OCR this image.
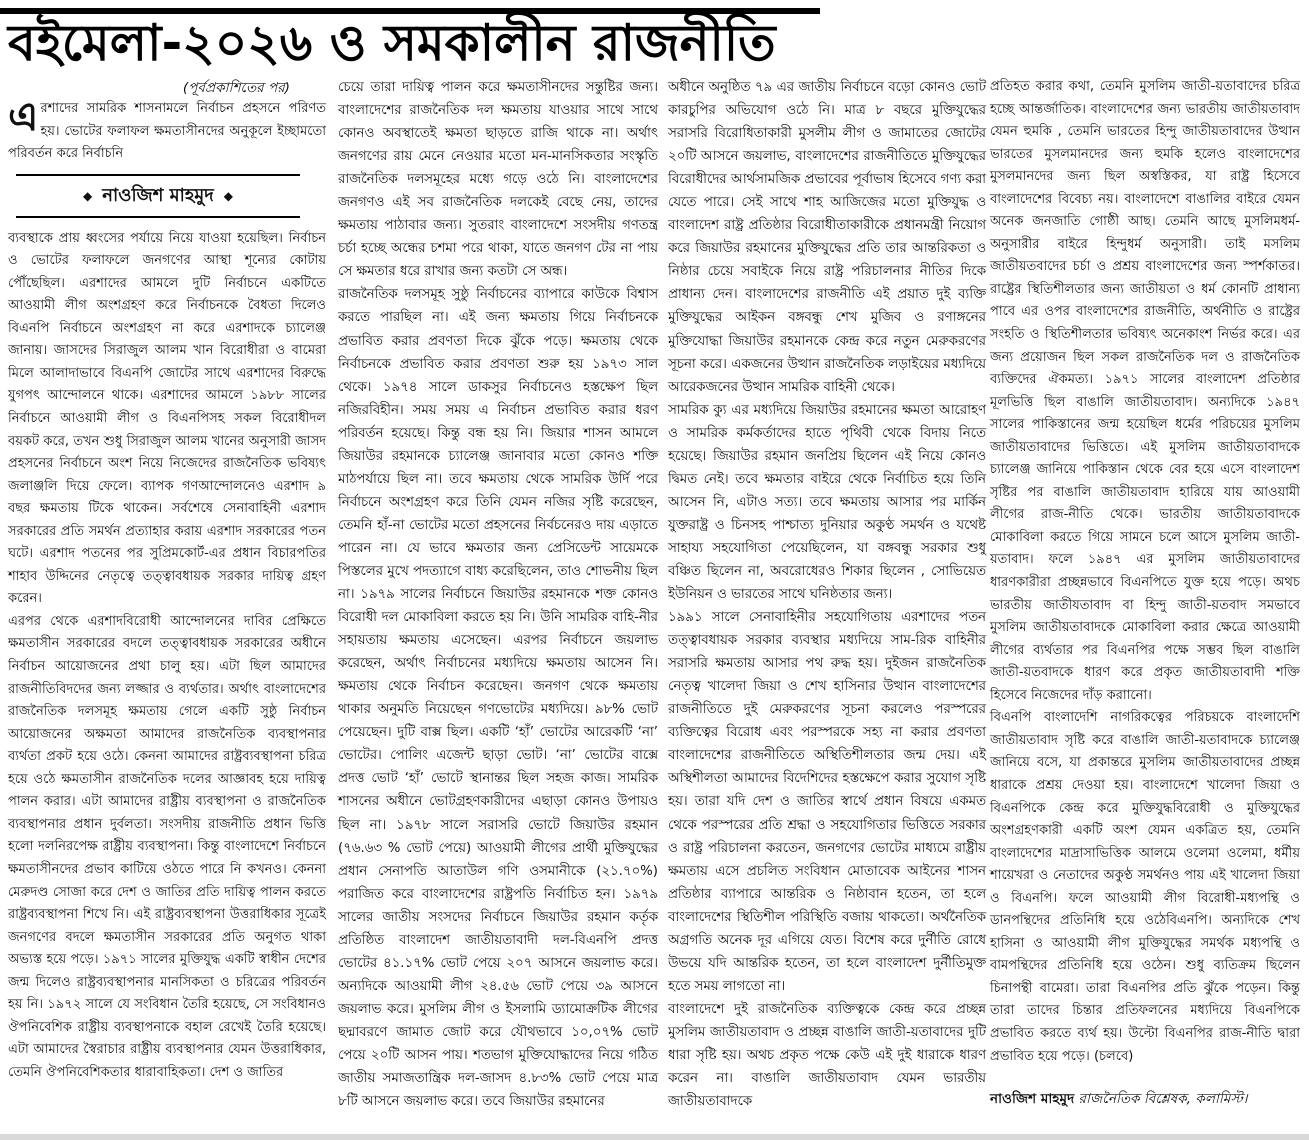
বইমেলা-২০২৬ ও সমকালীন রাজনীতি
(পূর্বপ্রকাশিতের পর)

এরশাদের সামরিক শাসনামলে নির্বাচন প্রহসনে পরিণত হয়। ভোটের ফলাফল ক্ষমতাসীনদের অনুকূলে ইচ্ছামতো পরিবর্তন করে নির্বাচনি

◆ নাওজিশ মাহমুদ ◆

ব্যবস্থাকে প্রায় ধ্বংসের পর্যায়ে নিয়ে যাওয়া হয়েছিল। নির্বাচন ও ভোটের ফলাফলে জনগণের আস্থা শূন্যের কোটায় পৌঁছেছিল। এরশাদের আমলে দুটি নির্বাচনে একটিতে আওয়ামী লীগ অংশগ্রহণ করে নির্বাচনকে বৈধতা দিলেও বিএনপি নির্বাচনে অংশগ্রহণ না করে এরশাদকে চ্যালেঞ্জ জানায়। জাসদের সিরাজুল আলম খান বিরোধীরা ও বামেরা মিলে আলাদাভাবে বিএনপি জোটের সাথে এরশাদের বিরুদ্ধে যুগপৎ আন্দোলনে থাকে। এরশাদের আমলে ১৯৮৮ সালের নির্বাচনে আওয়ামী লীগ ও বিএনপিসহ সকল বিরোধীদল বয়কট করে, তখন শুধু সিরাজুল আলম খানের অনুসারী জাসদ প্রহসনের নির্বাচনে অংশ নিয়ে নিজেদের রাজনৈতিক ভবিষ্যৎ জলাঞ্জলি দিয়ে ফেলে। ব্যাপক গণআন্দোলনেও এরশাদ ৯ বছর ক্ষমতায় টিকে থাকেন। সর্বশেষে সেনাবাহিনী এরশাদ সরকারের প্রতি সমর্থন প্রত্যাহার করায় এরশাদ সরকারের পতন ঘটে। এরশাদ পতনের পর সুপ্রিমকোর্ট-এর প্রধান বিচারপতির শাহাব উদ্দিনের নেতৃত্বে তত্ত্বাবধায়ক সরকার দায়িত্ব গ্রহণ করেন।

এরপর থেকে এরশাদবিরোধী আন্দোলনের দাবির প্রেক্ষিতে ক্ষমতাসীন সরকারের বদলে তত্ত্বাবধায়ক সরকারের অধীনে নির্বাচন আয়োজনের প্রথা চালু হয়। এটা ছিল আমাদের রাজনীতিবিদদের জন্য লজ্জার ও ব্যর্থতার। অর্থাৎ বাংলাদেশের রাজনৈতিক দলসমূহ ক্ষমতায় গেলে একটি সুষ্ঠু নির্বাচন আয়োজনের অক্ষমতা আমাদের রাজনৈতিক ব্যবস্থাপনার ব্যর্থতা প্রকট হয়ে ওঠে। কেননা আমাদের রাষ্ট্রব্যবস্থাপনা চরিত্র হয়ে ওঠে ক্ষমতাসীন রাজনৈতিক দলের আজ্ঞাবহ হয়ে দায়িত্ব পালন করার। এটা আমাদের রাষ্ট্রীয় ব্যবস্থাপনা ও রাজনৈতিক ব্যবস্থাপনার প্রধান দুর্বলতা। সংসদীয় রাজনীতি প্রধান ভিত্তি হলো দলনিরপেক্ষ রাষ্ট্রীয় ব্যবস্থাপনা। কিন্তু বাংলাদেশে নির্বাচনে ক্ষমতাসীনদের প্রভাব কাটিয়ে ওঠতে পারে নি কখনও। কেননা মেরুদণ্ড সোজা করে দেশ ও জাতির প্রতি দায়িত্ব পালন করতে রাষ্ট্রব্যবস্থাপনা শিখে নি। এই রাষ্ট্রব্যবস্থাপনা উত্তরাধিকার সূত্রেই জনগণের বদলে ক্ষমতাসীন সরকারের প্রতি অনুগত থাকা অভ্যস্ত হয়ে পড়ে। ১৯৭১ সালের মুক্তিযুদ্ধ একটি স্বাধীন দেশের জন্ম দিলেও রাষ্ট্রব্যবস্থাপনার মানসিকতা ও চরিত্রের পরিবর্তন হয় নি। ১৯৭২ সালে যে সংবিধান তৈরি হয়েছে, সে সংবিধানও ঔপনিবেশিক রাষ্ট্রীয় ব্যবস্থাপনাকে বহাল রেখেই তৈরি হয়েছে। এটা আমাদের স্বৈরাচার রাষ্ট্রীয় ব্যবস্থাপনার যেমন উত্তরাধিকার, তেমনি ঔপনিবেশিকতার ধারাবাহিকতা। দেশ ও জাতির

চেয়ে তারা দায়িত্ব পালন করে ক্ষমতাসীনদের সন্তুষ্টির জন্য। বাংলাদেশের রাজনৈতিক দল ক্ষমতায় যাওয়ার সাথে সাথে কোনও অবস্থাতেই ক্ষমতা ছাড়তে রাজি থাকে না। অর্থাৎ জনগণের রায় মেনে নেওয়ার মতো মন-মানসিকতার সংস্কৃতি রাজনৈতিক দলসমূহের মধ্যে গড়ে ওঠে নি। বাংলাদেশের জনগণও এই সব রাজনৈতিক দলকেই বেছে নেয়, তাদের ক্ষমতায় পাঠাবার জন্য। সুতরাং বাংলাদেশে সংসদীয় গণতন্ত্র চর্চা হচ্ছে অন্ধের চশমা পরে থাকা, যাতে জনগণ টের না পায় সে ক্ষমতার ধরে রাখার জন্য কতটা সে অন্ধ।

রাজনৈতিক দলসমূহ সুষ্ঠু নির্বাচনের ব্যাপারে কাউকে বিশ্বাস করতে পারছিল না। এই জন্য ক্ষমতায় গিয়ে নির্বাচনকে প্রভাবিত করার প্রবণতা দিকে ঝুঁকে পড়ে। ক্ষমতায় থেকে নির্বাচনকে প্রভাবিত করার প্রবণতা শুরু হয় ১৯৭৩ সাল থেকে। ১৯৭৪ সালে ডাকসুর নির্বাচনেও হস্তক্ষেপ ছিল নজিরবিহীন। সময় সময় এ নির্বাচন প্রভাবিত করার ধরণ পরিবর্তন হয়েছে। কিন্তু বন্ধ হয় নি। জিয়ার শাসন আমলে জিয়াউর রহমানকে চ্যালেঞ্জ জানাবার মতো কোনও শক্তি মাঠপর্যায়ে ছিল না। তবে ক্ষমতায় থেকে সামরিক উর্দি পরে নির্বাচনে অংশগ্রহণ করে তিনি যেমন নজির সৃষ্টি করেছেন, তেমনি হাঁ-না ভোটের মতো প্রহসনের নির্বচনেরও দায় এড়াতে পারেন না। যে ভাবে ক্ষমতার জন্য প্রেসিডেন্ট সায়েমকে পিস্তলের মুখে পদত্যাগে বাধ্য করেছিলেন, তাও শোভনীয় ছিল না। ১৯৭৯ সালের নির্বাচনে জিয়াউর রহমানকে শক্ত কোনও বিরোধী দল মোকাবিলা করতে হয় নি। উনি সামরিক বাহি-নীর সহায়তায় ক্ষমতায় এসেছেন। এরপর নির্বাচনে জয়লাভ করেছেন, অর্থাৎ নির্বাচনের মধ্যদিয়ে ক্ষমতায় আসেন নি। ক্ষমতায় থেকে নির্বাচন করেছেন। জনগণ থেকে ক্ষমতায় থাকার অনুমতি নিয়েছেন গণভোটের মধ্যদিয়ে। ৯৮% ভোট পেয়েছেন। দুটি বাক্স ছিল। একটি ‘হাঁ’ ভোটের আরেকটি ‘না’ ভোটের। পোলিং এজেন্ট ছাড়া ভোট। ‘না’ ভোটের বাক্সে প্রদত্ত ভোট ‘হাঁ’ ভোটে স্থানান্তর ছিল সহজ কাজ। সামরিক শাসনের অধীনে ভোটগ্রহণকারীদের এছাড়া কোনও উপায়ও ছিল না। ১৯৭৮ সালে সরাসরি ভোটে জিয়াউর রহমান (৭৬.৬৩ % ভোট পেয়ে) আওয়ামী লীগের প্রার্থী মুক্তিযুদ্ধের প্রধান সেনাপতি আতাউল গণি ওসমানীকে (২১.৭০%) পরাজিত করে বাংলাদেশের রাষ্ট্রপতি নির্বাচিত হন। ১৯৭৯ সালের জাতীয় সংসদের নির্বাচনে জিয়াউর রহমান কর্তৃক প্রতিষ্ঠিত বাংলাদেশ জাতীয়তাবাদী দল-বিএনপি প্রদত্ত ভোটের ৪১.১৭% ভোট পেয়ে ২০৭ আসনে জয়লাভ করে। অন্যদিকে আওয়ামী লীগ ২৪.৫৬ ভোট পেয়ে ৩৯ আসনে জয়লাভ করে। মুসলিম লীগ ও ইসলামি ড্যামোক্রটিক লীগের ছদ্মাবরণে জামাত জোট করে যৌথভাবে ১০,০৭% ভোট পেয়ে ২০টি আসন পায়। শতভাগ মুক্তিযোদ্ধাদের নিয়ে গঠিত জাতীয় সমাজতান্ত্রিক দল-জাসদ ৪.৮৩% ভোট পেয়ে মাত্র ৮টি আসনে জয়লাভ করে। তবে জিয়াউর রহমানের

অধীনে অনুষ্ঠিত ৭৯ এর জাতীয় নির্বাচনে বড়ো কোনও ভোট কারচুপির অভিযোগ ওঠে নি। মাত্র ৮ বছরে মুক্তিযুদ্ধের সরাসরি বিরোধিতাকারী মুসলীম লীগ ও জামাতের জোটের ২০টি আসনে জয়লাভ, বাংলাদেশের রাজনীতিতে মুক্তিযুদ্ধের বিরোধীদের আর্থসামজিক প্রভাবের পূর্বাভাষ হিসেবে গণ্য করা যেতে পারে। সেই সাথে শাহ আজিজের মতো মুক্তিযুদ্ধ ও বাংলাদেশ রাষ্ট্র প্রতিষ্ঠার বিরোধীতাকারীকে প্রধানমন্ত্রী নিয়োগ করে জিয়াউর রহমানের মুক্তিযুদ্ধের প্রতি তার আন্তরিকতা ও নিষ্ঠার চেয়ে সবাইকে নিয়ে রাষ্ট্র পরিচালনার নীতির দিকে প্রাধান্য দেন। বাংলাদেশের রাজনীতি এই প্রয়াত দুই ব্যক্তি মুক্তিযুদ্ধের আইকন বঙ্গবন্ধু শেখ মুজিব ও রণাঙ্গনের মুক্তিযোদ্ধা জিয়াউর রহমানকে কেন্দ্র করে নতুন মেরুকরণের সূচনা করে। একজনের উত্থান রাজনৈতিক লড়াইয়ের মধ্যদিয়ে আরেকজনের উত্থান সামরিক বাহিনী থেকে।

সামরিক ক্যু এর মধ্যদিয়ে জিয়াউর রহমানের ক্ষমতা আরোহণ ও সামরিক কর্মকর্তাদের হাতে পৃথিবী থেকে বিদায় নিতে হয়েছে। জিয়াউর রহমান জনপ্রিয় ছিলেন এই নিয়ে কোনও দ্বিমত নেই। তবে ক্ষমতার বাইরে থেকে নির্বাচিত হয়ে তিনি আসেন নি, এটাও সত্য। তবে ক্ষমতায় আসার পর মার্কিন যুক্তরাষ্ট্র ও চিনসহ পাশ্চাত্য দুনিয়ার অকুণ্ঠ সমর্থন ও যথেষ্ট সাহায্য সহযোগিতা পেয়েছিলেন, যা বঙ্গবন্ধু সরকার শুধু বঞ্চিত ছিলেন না, অবরোধেরও শিকার ছিলেন , সোভিয়েত ইউনিয়ন ও ভারতের সাথে ঘনিষ্ঠতার জন্য।

১৯৯১ সালে সেনাবাহিনীর সহযোগিতায় এরশাদের পতন তত্ত্বাবধায়ক সরকার ব্যবস্থার মধ্যদিয়ে সাম-রিক বাহিনীর সরাসরি ক্ষমতায় আসার পথ রুদ্ধ হয়। দুইজন রাজনৈতিক নেতৃত্ব খালেদা জিয়া ও শেখ হাসিনার উত্থান বাংলাদেশের রাজনীতিতে দুই মেরুকরণের সূচনা করলেও পরস্পরের ব্যক্তিত্বের বিরোধ এবং পরস্পরকে সহ্য না করার প্রবণতা বাংলাদেশের রাজনীতিতে অস্থিতিশীলতার জন্ম দেয়। এই অস্থিশীলতা আমাদের বিদেশিদের হস্তক্ষেপে করার সুযোগ সৃষ্টি হয়। তারা যদি দেশ ও জাতির স্বার্থে প্রধান বিষয়ে একমত থেকে পরস্পরের প্রতি শ্রদ্ধা ও সহযোগিতার ভিত্তিতে সরকার ও রাষ্ট্র পরিচালনা করতেন, জনগণের ভোটের মাধ্যমে রাষ্ট্রীয় ক্ষমতায় এসে প্রচলিত সংবিধান মোতাবেক আইনের শাসন প্রতিষ্ঠার ব্যাপারে আন্তরিক ও নিষ্ঠাবান হতেন, তা হলে বাংলাদেশের স্থিতিশীল পরিস্থিতি বজায় থাকতো। অর্থনৈতিক অগ্রগতি অনেক দূর এগিয়ে যেত। বিশেষ করে দুর্নীতি রোধে উভয়ে যদি আন্তরিক হতেন, তা হলে বাংলাদেশ দুর্নীতিমুক্ত হতে সময় লাগতো না।

বাংলাদেশে দুই রাজনৈতিক ব্যক্তিত্বকে কেন্দ্র করে প্রচ্ছন্ন মুসলিম জাতীয়তাবাদ ও প্রচ্ছন্ন বাঙালি জাতী-য়তাবাদের দুটি ধারা সৃষ্টি হয়। অথচ প্রকৃত পক্ষে কেউ এই দুই ধারাকে ধারণ করেন না। বাঙালি জাতীয়তাবাদ যেমন ভারতীয় জাতীয়তাবাদকে

প্রতিহত করার কথা, তেমনি মুসলিম জাতী-য়তাবাদের চরিত্র হচ্ছে আন্তর্জাতিক। বাংলাদেশের জন্য ভারতীয় জাতীয়তাবাদ যেমন হুমকি , তেমনি ভারতের হিন্দু জাতীয়তাবাদের উত্থান ভারতের মুসলমানদের জন্য হুমকি হলেও বাংলাদেশের মুসলমানদের জন্য ছিল অস্বস্তিকর, যা রাষ্ট্র হিসেবে বাংলাদেশের বিবেচ্য নয়। বাংলাদেশে বাঙালির বাইরে যেমন অনেক জনজাতি গোষ্ঠী আছ। তেমনি আছে মুসলিমধর্ম-অনুসারীর বাইরে হিন্দুধর্ম অনুসারী। তাই মসলিম জাতীয়তবাদের চর্চা ও প্রশ্রয় বাংলাদেশের জন্য স্পর্শকাতর। রাষ্ট্রের স্থিতিশীলতার জন্য জাতীয়তা ও ধর্ম কোনটি প্রাধান্য পাবে এর ওপর বাংলাদেশের রাজনীতি, অর্থনীতি ও রাষ্ট্রের সংহতি ও স্থিতিশীলতার ভবিষ্যৎ অনেকাংশ নির্ভর করে। এর জন্য প্রয়োজন ছিল সকল রাজনৈতিক দল ও রাজনৈতিক ব্যক্তিদের ঐকমত্য। ১৯৭১ সালের বাংলাদেশ প্রতিষ্ঠার মূলভিত্তি ছিল বাঙালি জাতীয়তাবাদ। অন্যদিকে ১৯৪৭ সালের পাকিস্তানের জন্ম হয়েছিল ধর্মের পরিচয়ের মুসলিম জাতীয়তাবাদের ভিত্তিতে। এই মুসলিম জাতীয়তাবাদকে চ্যালেঞ্জ জানিয়ে পাকিস্তান থেকে বের হয়ে এসে বাংলাদেশ সৃষ্টির পর বাঙালি জাতীয়তাবাদ হারিয়ে যায় আওয়ামী লীগের রাজ-নীতি থেকে। ভারতীয় জাতীয়তাবাদকে মোকাবিলা করতে গিয়ে সামনে চলে আসে মুসলিম জাতী-য়তাবাদ। ফলে ১৯৪৭ এর মুসলিম জাতীয়তাবাদের ধারণকারীরা প্রচ্ছন্নভাবে বিএনপিতে যুক্ত হয়ে পড়ে। অথচ ভারতীয় জাতীযতাবাদ বা হিন্দু জাতী-য়তবাদ সমভাবে মুসলিম জাতীয়তাবাদকে মোকাবিলা করার ক্ষেত্রে আওয়ামী লীগের ব্যর্থতার পর বিএনপির পক্ষে সম্ভব ছিল বাঙালি জাতী-য়তবাদকে ধারণ করে প্রকৃত জাতীয়তাবাদী শক্তি হিসেবে নিজেদের দাঁড় করাানো।

বিএনপি বাংলাদেশি নাগরিকত্বের পরিচয়কে বাংলাদেশি জাতীয়তাবাদ সৃষ্টি করে বাঙালি জাতী-য়তাবাদকে চ্যালেঞ্জ জানিয়ে বসে, যা প্রকান্তরে মুসলিম জাতীয়তাবাদের প্রচ্ছন্ন ধারাকে প্রশ্রয় দেওয়া হয়। বাংলাদেশে খালেদা জিয়া ও বিএনপিকে কেন্দ্র করে মুক্তিযুদ্ধবিরোধী ও মুক্তিযুদ্ধের অংশগ্রহণকারী একটি অংশ যেমন একত্রিত হয়, তেমনি বাংলাদেশের মাদ্রাসাভিত্তিক আলমে ওলেমা ওলেমা, ধর্মীয় শায়েখরা ও নেতাদের অকুণ্ঠ সমর্থনও পায় এই খালেদা জিয়া ও বিএনপি। ফলে আওয়ামী লীগ বিরোধী-মধ্যপন্থি ও ডানপন্থিদের প্রতিনিধি হয়ে ওঠেবিএনপি। অন্যদিকে শেখ হাসিনা ও আওয়ামী লীগ মুক্তিযুদ্ধের সমর্থক মধ্যপন্থি ও বামপন্থিদের প্রতিনিধি হয়ে ওঠেন। শুধু ব্যতিক্রম ছিলেন চিনাপন্থী বামেরা। তারা বিএনপির প্রতি ঝুঁকে পড়েন। কিন্তু তারা তাদের চিন্তার প্রতিফলনের মধ্যদিয়ে বিএনপিকে প্রভাবিত করতে ব্যর্থ হয়। উল্টো বিএনপির রাজ-নীতি দ্বারা প্রভাবিত হয়ে পড়ে। (চলবে)

নাওজিশ মাহমুদ রাজনৈতিক বিশ্লেষক, কলামিস্ট।
